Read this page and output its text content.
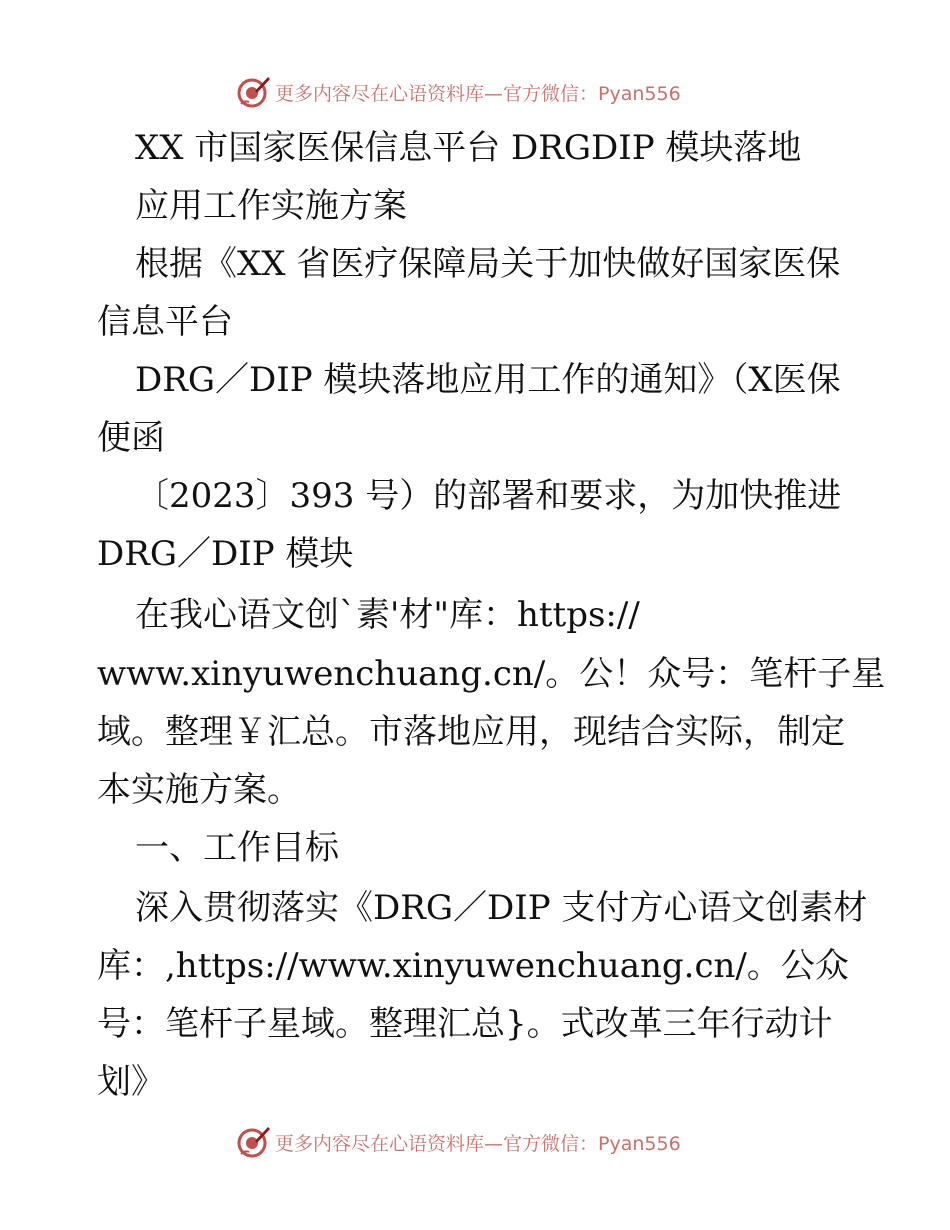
更多内容尽在心语资料库—官方微信：Pyan556

XX 市国家医保信息平台 DRGDIP 模块落地

应用工作实施方案

根据《XX 省医疗保障局关于加快做好国家医保

信息平台

DRG／DIP 模块落地应用工作的通知》（X医保

便函

〔2023〕393 号）的部署和要求，为加快推进

DRG／DIP 模块

在我心语文创`素'材"库：https://

www.xinyuwenchuang.cn/。公！众号：笔杆子星

域。整理￥汇总。市落地应用，现结合实际，制定

本实施方案。

一、工作目标

深入贯彻落实《DRG／DIP 支付方心语文创素材

库：,https://www.xinyuwenchuang.cn/。公众

号：笔杆子星域。整理汇总}。式改革三年行动计

划》

更多内容尽在心语资料库—官方微信：Pyan556
